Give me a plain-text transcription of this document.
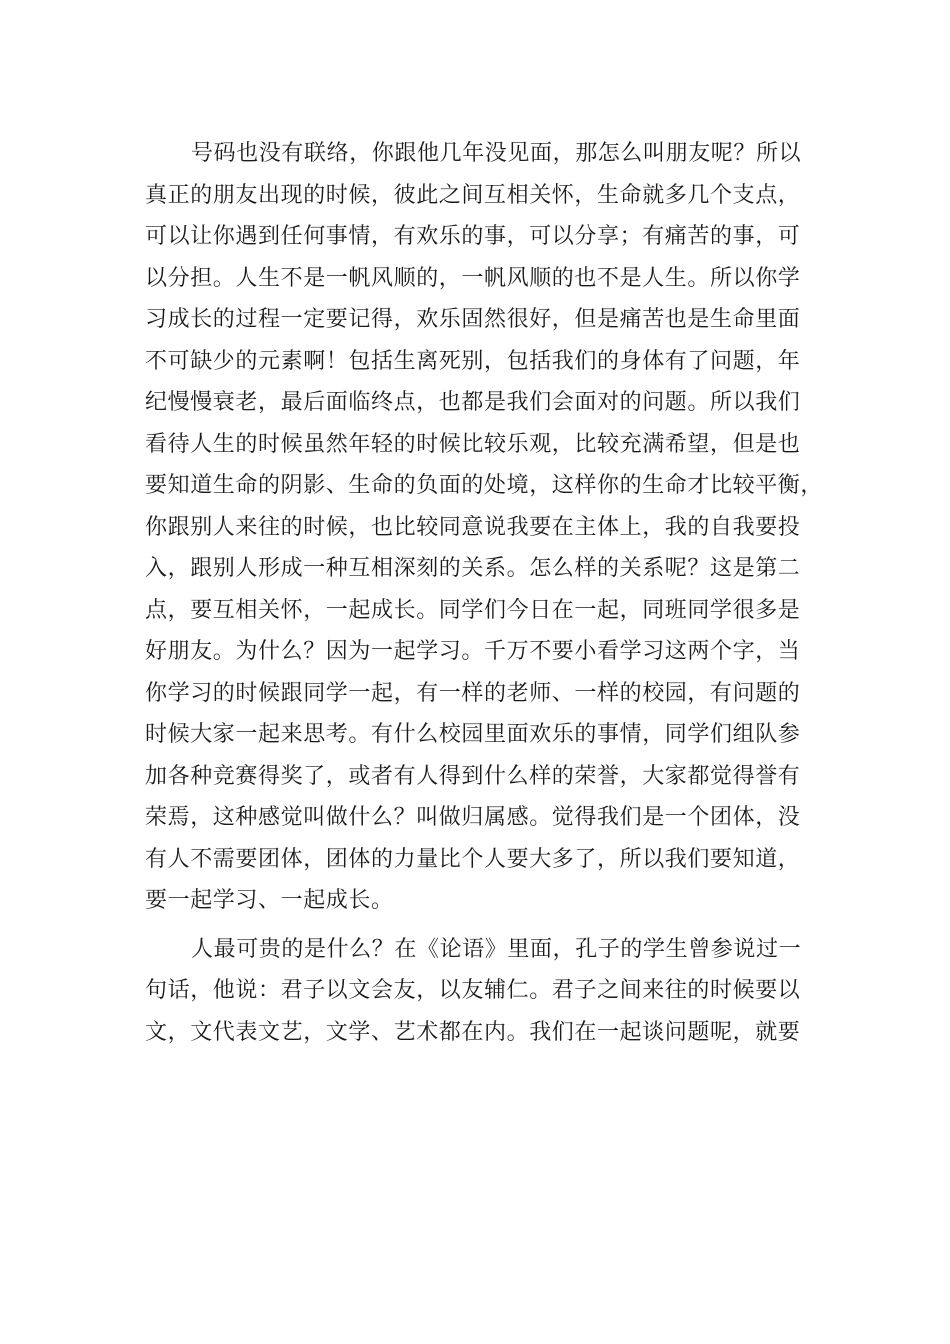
号码也没有联络，你跟他几年没见面，那怎么叫朋友呢？所以
真正的朋友出现的时候，彼此之间互相关怀，生命就多几个支点，
可以让你遇到任何事情，有欢乐的事，可以分享；有痛苦的事，可
以分担。人生不是一帆风顺的，一帆风顺的也不是人生。所以你学
习成长的过程一定要记得，欢乐固然很好，但是痛苦也是生命里面
不可缺少的元素啊！包括生离死别，包括我们的身体有了问题，年
纪慢慢衰老，最后面临终点，也都是我们会面对的问题。所以我们
看待人生的时候虽然年轻的时候比较乐观，比较充满希望，但是也
要知道生命的阴影、生命的负面的处境，这样你的生命才比较平衡，
你跟别人来往的时候，也比较同意说我要在主体上，我的自我要投
入，跟别人形成一种互相深刻的关系。怎么样的关系呢？这是第二
点，要互相关怀，一起成长。同学们今日在一起，同班同学很多是
好朋友。为什么？因为一起学习。千万不要小看学习这两个字，当
你学习的时候跟同学一起，有一样的老师、一样的校园，有问题的
时候大家一起来思考。有什么校园里面欢乐的事情，同学们组队参
加各种竞赛得奖了，或者有人得到什么样的荣誉，大家都觉得誉有
荣焉，这种感觉叫做什么？叫做归属感。觉得我们是一个团体，没
有人不需要团体，团体的力量比个人要大多了，所以我们要知道，
要一起学习、一起成长。
人最可贵的是什么？在《论语》里面，孔子的学生曾参说过一
句话，他说：君子以文会友，以友辅仁。君子之间来往的时候要以
文，文代表文艺，文学、艺术都在内。我们在一起谈问题呢，就要
